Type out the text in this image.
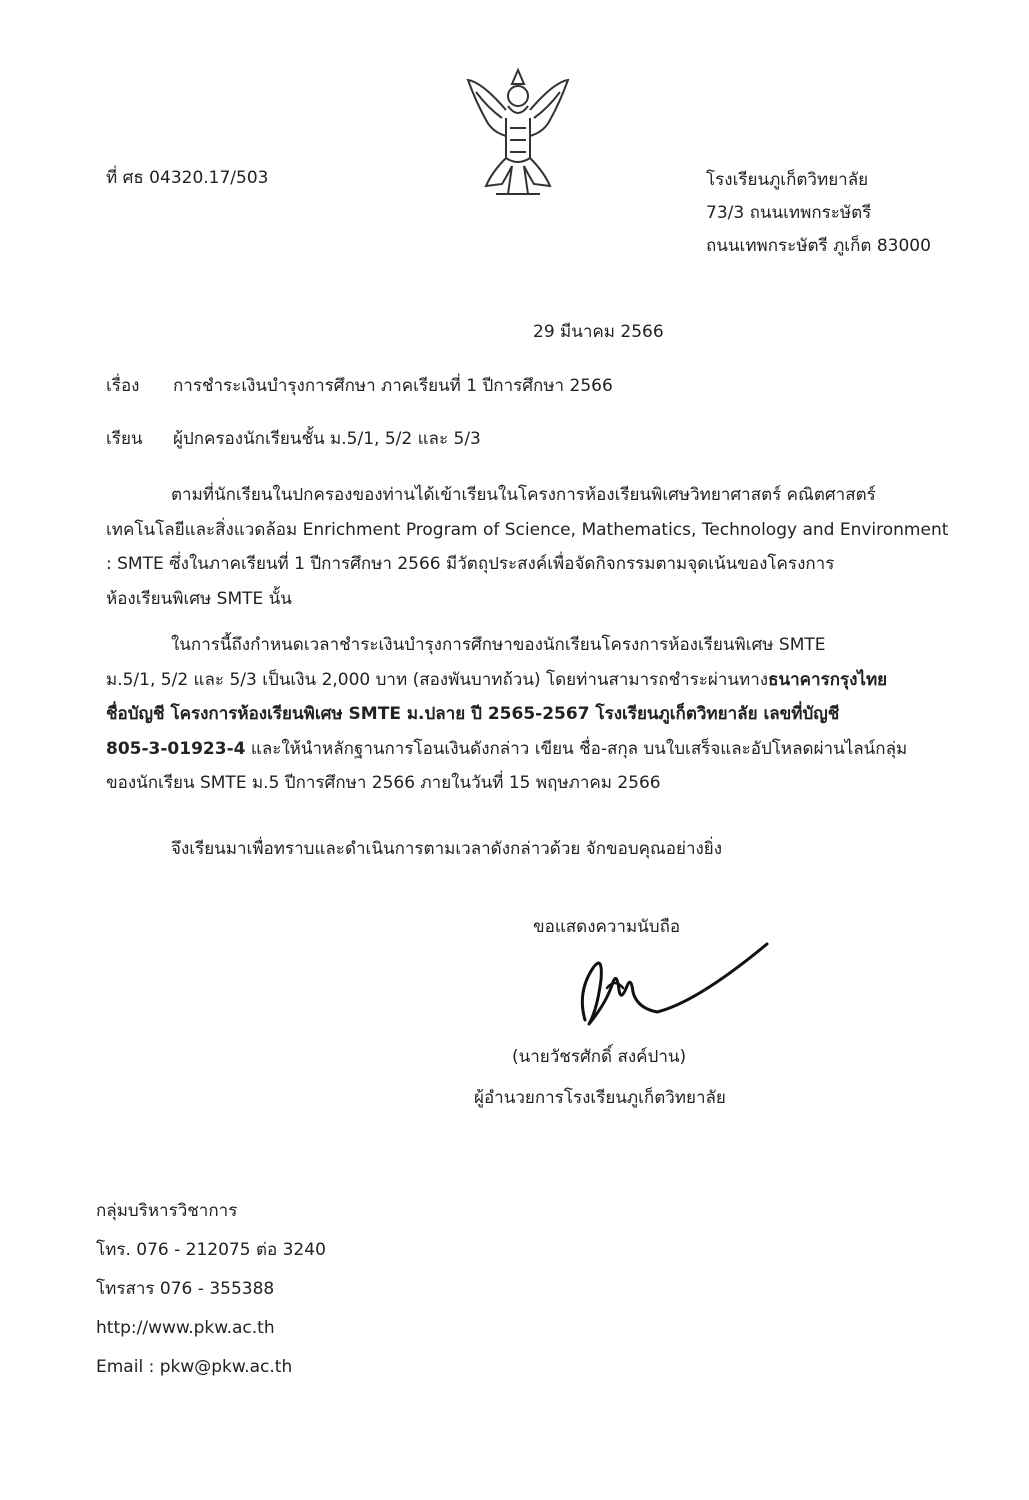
ที่ ศธ 04320.17/503	โรงเรียนภูเก็ตวิทยาลัย
73/3 ถนนเทพกระษัตรี
ถนนเทพกระษัตรี ภูเก็ต 83000
29 มีนาคม 2566
เรื่อง การชำระเงินบำรุงการศึกษา ภาคเรียนที่ 1 ปีการศึกษา 2566
เรียน ผู้ปกครองนักเรียนชั้น ม.5/1, 5/2 และ 5/3
ตามที่นักเรียนในปกครองของท่านได้เข้าเรียนในโครงการห้องเรียนพิเศษวิทยาศาสตร์ คณิตศาสตร์
เทคโนโลยีและสิ่งแวดล้อม Enrichment Program of Science, Mathematics, Technology and Environment
: SMTE ซึ่งในภาคเรียนที่ 1 ปีการศึกษา 2566 มีวัตถุประสงค์เพื่อจัดกิจกรรมตามจุดเน้นของโครงการ
ห้องเรียนพิเศษ SMTE นั้น
ในการนี้ถึงกำหนดเวลาชำระเงินบำรุงการศึกษาของนักเรียนโครงการห้องเรียนพิเศษ SMTE
ม.5/1, 5/2 และ 5/3 เป็นเงิน 2,000 บาท (สองพันบาทถ้วน) โดยท่านสามารถชำระผ่านทางธนาคารกรุงไทย
ชื่อบัญชี โครงการห้องเรียนพิเศษ SMTE ม.ปลาย ปี 2565-2567 โรงเรียนภูเก็ตวิทยาลัย เลขที่บัญชี
805-3-01923-4 และให้นำหลักฐานการโอนเงินดังกล่าว เขียน ชื่อ-สกุล บนใบเสร็จและอัปโหลดผ่านไลน์กลุ่ม
ของนักเรียน SMTE ม.5 ปีการศึกษา 2566 ภายในวันที่ 15 พฤษภาคม 2566
จึงเรียนมาเพื่อทราบและดำเนินการตามเวลาดังกล่าวด้วย จักขอบคุณอย่างยิ่ง
ขอแสดงความนับถือ
(นายวัชรศักดิ์ สงค์ปาน)
ผู้อำนวยการโรงเรียนภูเก็ตวิทยาลัย
กลุ่มบริหารวิชาการ
โทร. 076 - 212075 ต่อ 3240
โทรสาร 076 - 355388
http://www.pkw.ac.th
Email : pkw@pkw.ac.th
